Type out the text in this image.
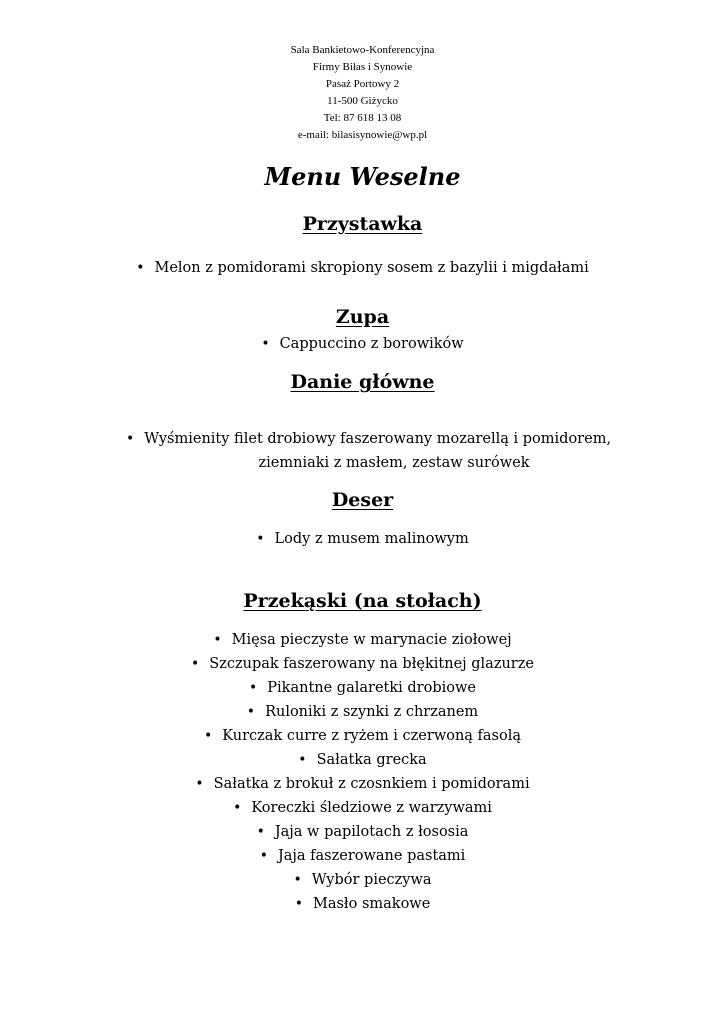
Sala Bankietowo-Konferencyjna
Firmy Biłas i Synowie
Pasaż Portowy 2
11-500 Giżycko
Tel: 87 618 13 08
e-mail: bilasisynowie@wp.pl
Menu Weselne
Przystawka
• Melon z pomidorami skropiony sosem z bazylii i migdałami
Zupa
• Cappuccino z borowików
Danie główne
• Wyśmienity filet drobiowy faszerowany mozarellą i pomidorem,
ziemniaki z masłem, zestaw surówek
Deser
• Lody z musem malinowym
Przekąski (na stołach)
• Mięsa pieczyste w marynacie ziołowej
• Szczupak faszerowany na błękitnej glazurze
• Pikantne galaretki drobiowe
• Ruloniki z szynki z chrzanem
• Kurczak curre z ryżem i czerwoną fasolą
• Sałatka grecka
• Sałatka z brokuł z czosnkiem i pomidorami
• Koreczki śledziowe z warzywami
• Jaja w papilotach z łososia
• Jaja faszerowane pastami
• Wybór pieczywa
• Masło smakowe
